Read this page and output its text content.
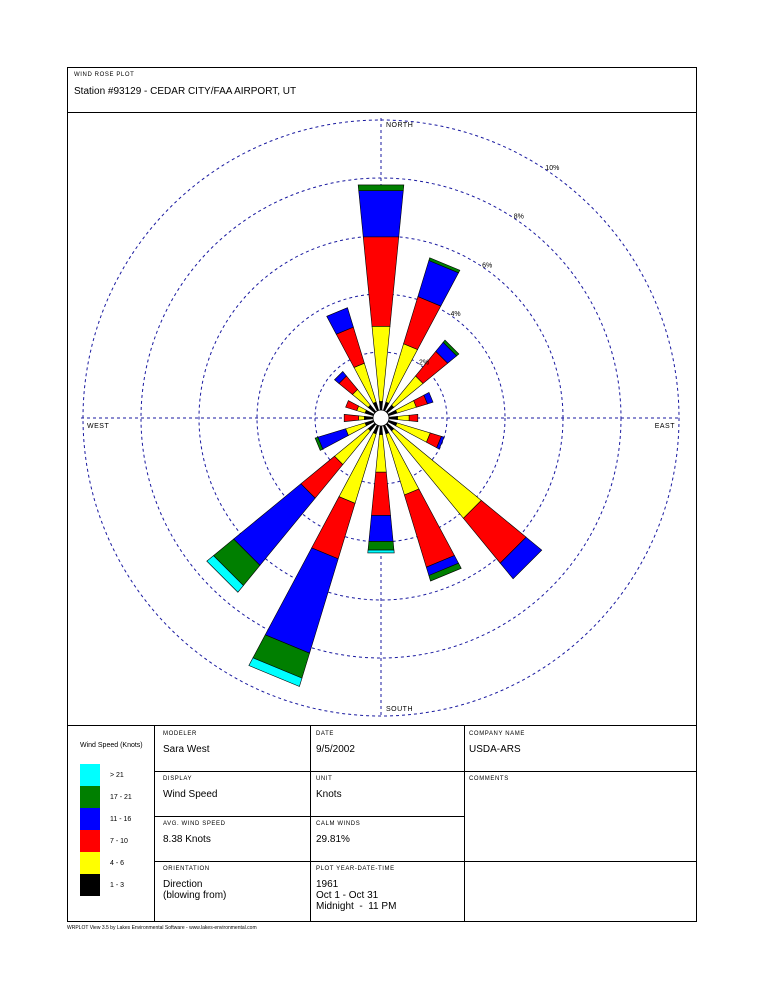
WIND ROSE PLOT
Station #93129 - CEDAR CITY/FAA AIRPORT, UT
2%
4%
6%
8%
10%
NORTH
SOUTH
WEST	EAST
Wind Speed (Knots)
> 21
17 - 21
11 - 16
7 - 10
4 - 6
1 - 3
MODELER
Sara West
DATE
9/5/2002
COMPANY NAME
USDA-ARS
DISPLAY
Wind Speed
UNIT
Knots
COMMENTS
AVG. WIND SPEED
8.38 Knots
CALM WINDS
29.81%
ORIENTATION
Direction
(blowing from)
PLOT YEAR-DATE-TIME
1961
Oct 1 - Oct 31
Midnight  -  11 PM
WRPLOT View 3.5 by Lakes Environmental Software - www.lakes-environmental.com
